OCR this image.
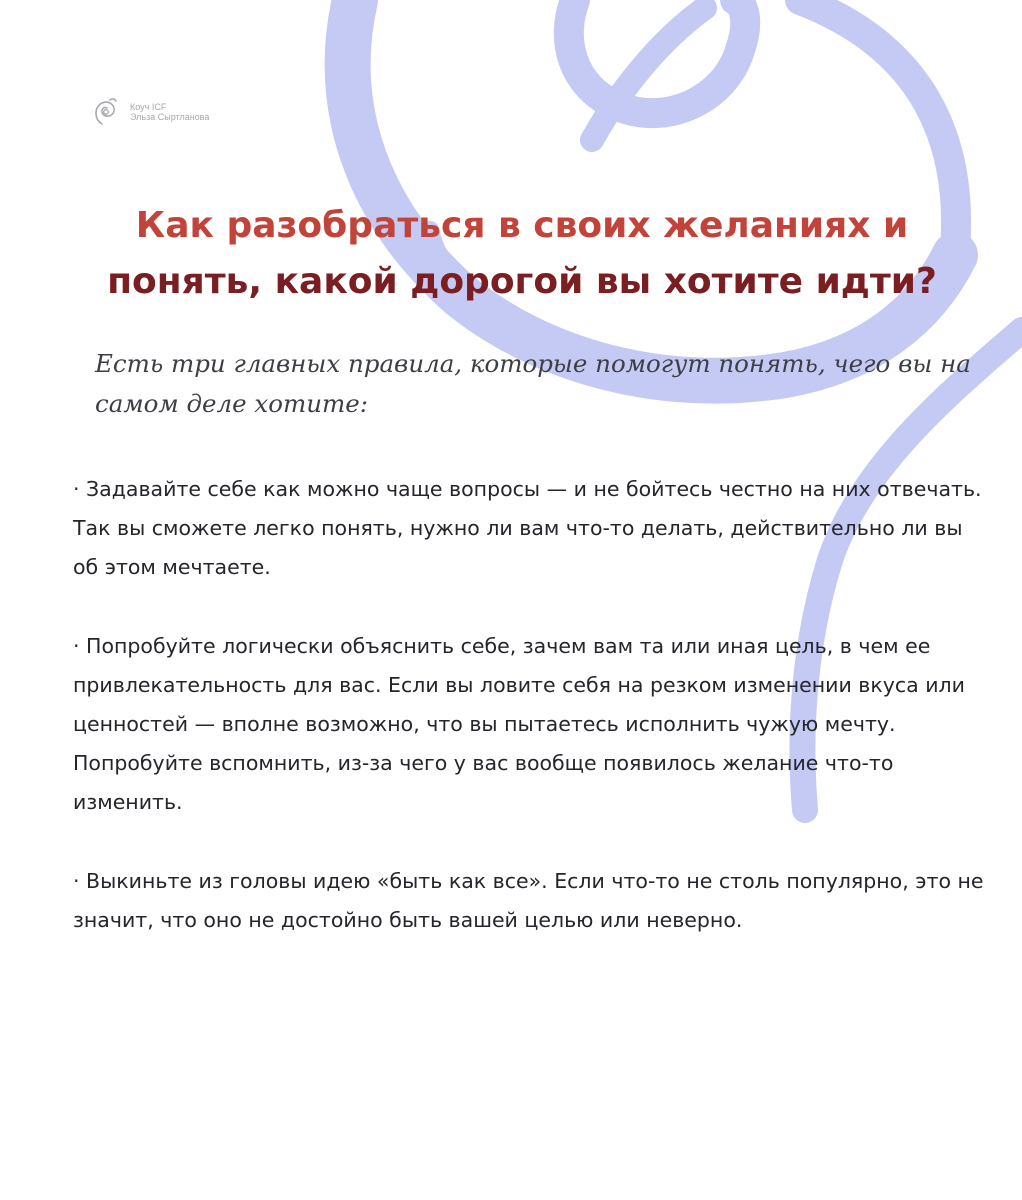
Коуч ICF
Эльза Сыртланова
Как разобраться в своих желаниях и
понять, какой дорогой вы хотите идти?

Есть три главных правила, которые помогут понять, чего вы на самом деле хотите:

· Задавайте себе как можно чаще вопросы — и не бойтесь честно на них отвечать. Так вы сможете легко понять, нужно ли вам что-то делать, действительно ли вы об этом мечтаете.

· Попробуйте логически объяснить себе, зачем вам та или иная цель, в чем ее привлекательность для вас. Если вы ловите себя на резком изменении вкуса или ценностей — вполне возможно, что вы пытаетесь исполнить чужую мечту. Попробуйте вспомнить, из-за чего у вас вообще появилось желание что-то изменить.

· Выкиньте из головы идею «быть как все». Если что-то не столь популярно, это не значит, что оно не достойно быть вашей целью или неверно.
